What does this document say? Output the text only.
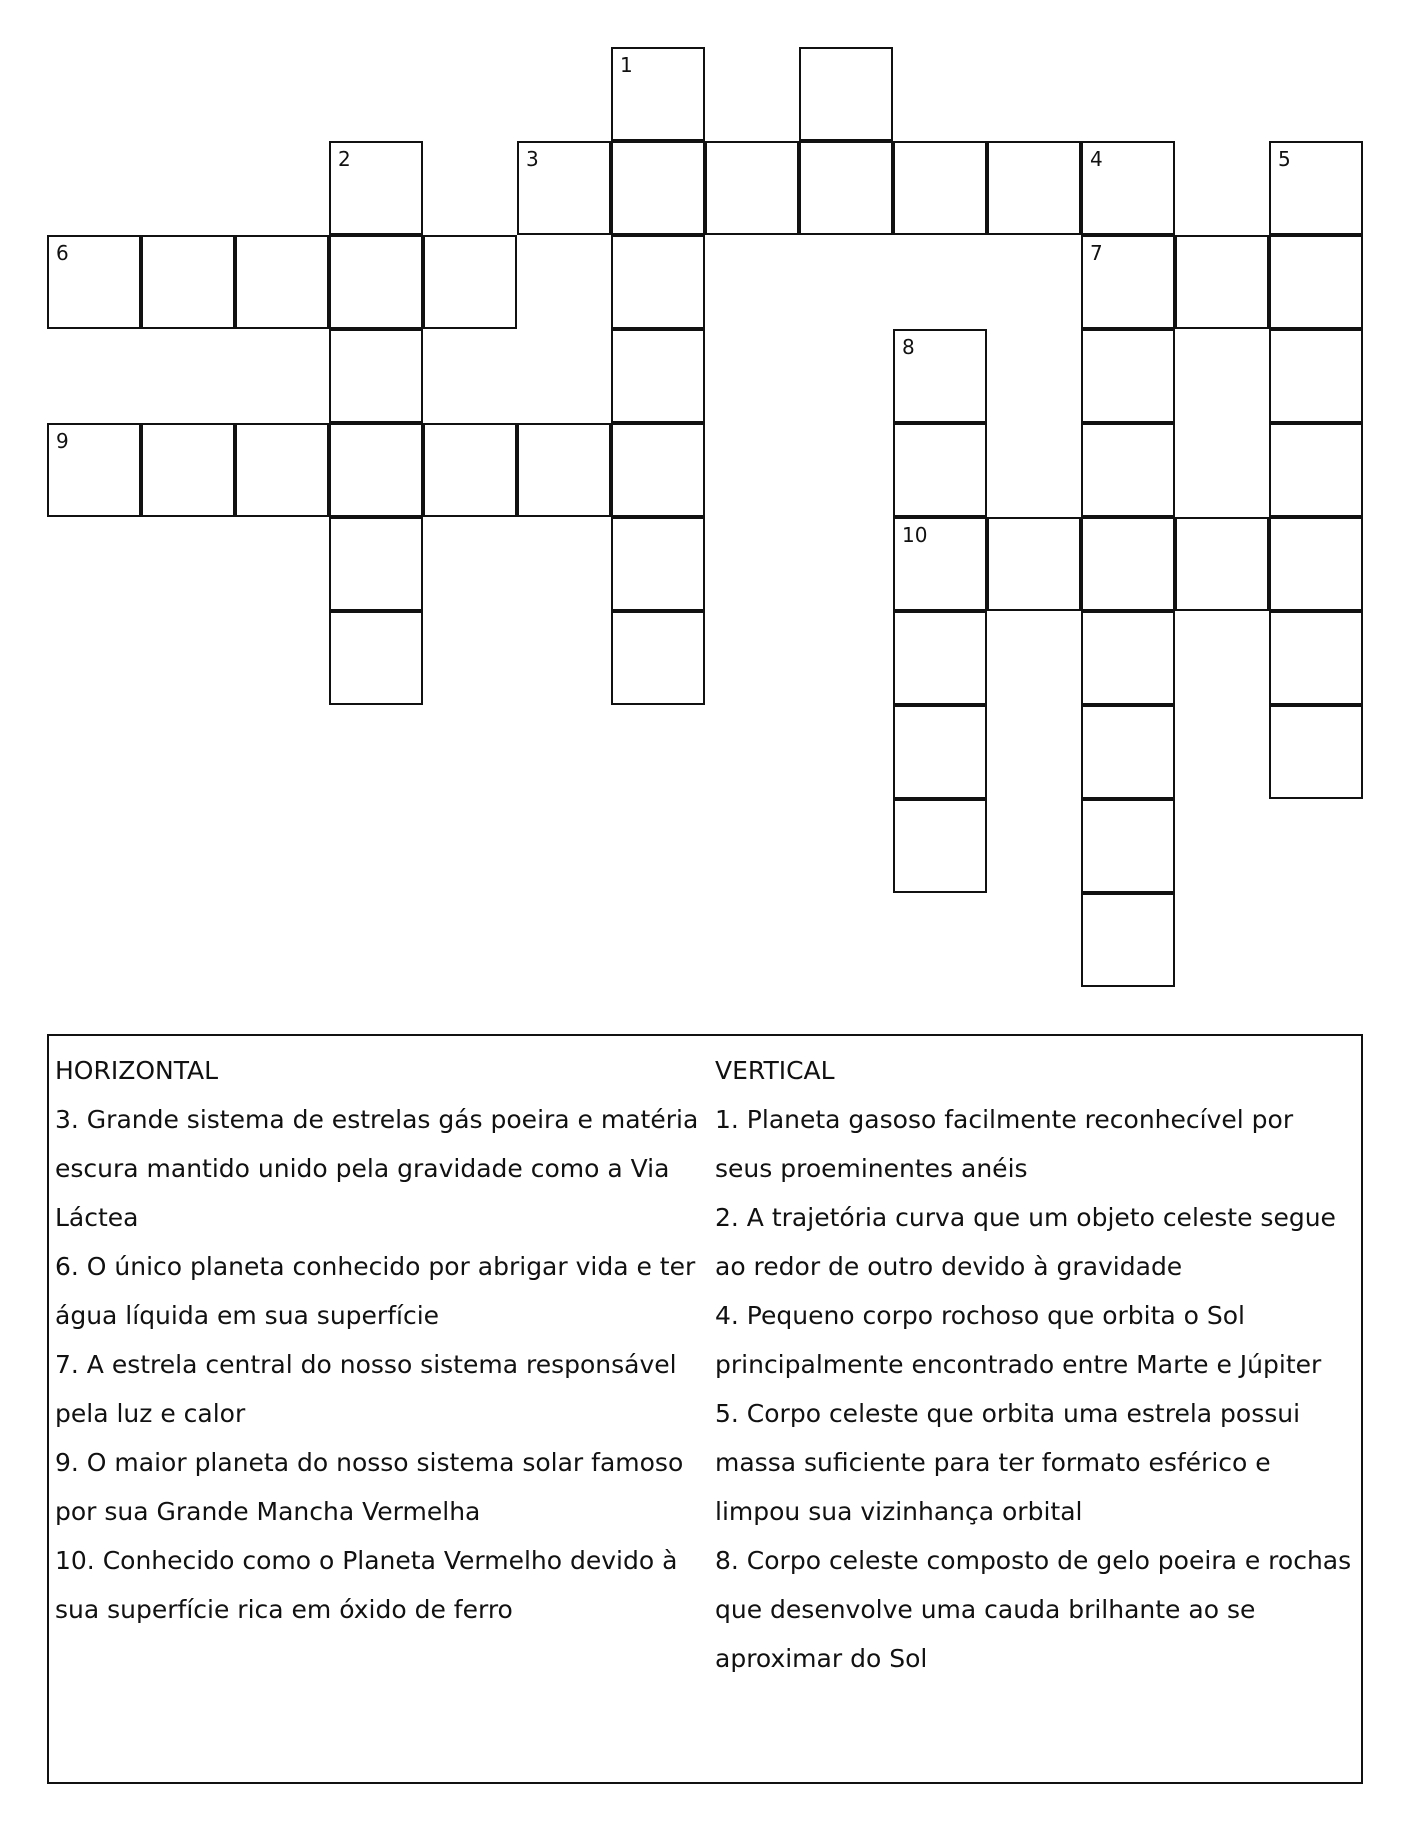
1
2	3	4	5
6	7
8
9
10
HORIZONTAL
3. Grande sistema de estrelas gás poeira e matéria escura mantido unido pela gravidade como a Via Láctea
6. O único planeta conhecido por abrigar vida e ter água líquida em sua superfície
7. A estrela central do nosso sistema responsável pela luz e calor
9. O maior planeta do nosso sistema solar famoso por sua Grande Mancha Vermelha
10. Conhecido como o Planeta Vermelho devido à sua superfície rica em óxido de ferro
VERTICAL
1. Planeta gasoso facilmente reconhecível por seus proeminentes anéis
2. A trajetória curva que um objeto celeste segue ao redor de outro devido à gravidade
4. Pequeno corpo rochoso que orbita o Sol principalmente encontrado entre Marte e Júpiter
5. Corpo celeste que orbita uma estrela possui massa suficiente para ter formato esférico e limpou sua vizinhança orbital
8. Corpo celeste composto de gelo poeira e rochas que desenvolve uma cauda brilhante ao se aproximar do Sol
